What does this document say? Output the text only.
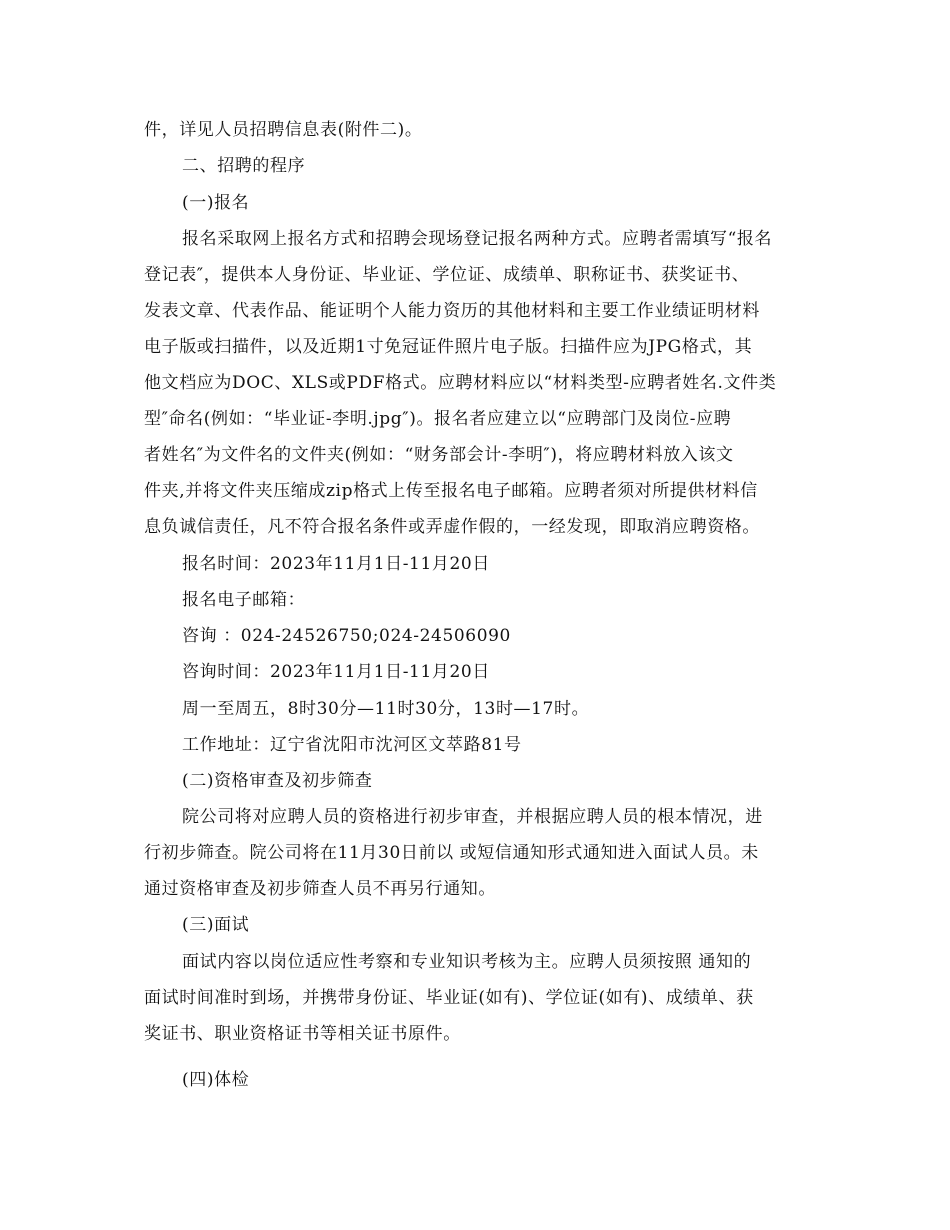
件，详见人员招聘信息表(附件二)。
二、招聘的程序
(一)报名
报名采取网上报名方式和招聘会现场登记报名两种方式。应聘者需填写“报名
登记表″，提供本人身份证、毕业证、学位证、成绩单、职称证书、获奖证书、
发表文章、代表作品、能证明个人能力资历的其他材料和主要工作业绩证明材料
电子版或扫描件，以及近期1寸免冠证件照片电子版。扫描件应为JPG格式，其
他文档应为DOC、XLS或PDF格式。应聘材料应以“材料类型-应聘者姓名.文件类
型″命名(例如：“毕业证-李明.jpg″)。报名者应建立以“应聘部门及岗位-应聘
者姓名″为文件名的文件夹(例如：“财务部会计-李明″)，将应聘材料放入该文
件夹,并将文件夹压缩成zip格式上传至报名电子邮箱。应聘者须对所提供材料信
息负诚信责任，凡不符合报名条件或弄虚作假的，一经发现，即取消应聘资格。
报名时间：2023年11月1日-11月20日
报名电子邮箱：
咨询 ：024-24526750;024-24506090
咨询时间：2023年11月1日-11月20日
周一至周五，8时30分—11时30分，13时—17时。
工作地址：辽宁省沈阳市沈河区文萃路81号
(二)资格审查及初步筛查
院公司将对应聘人员的资格进行初步审查，并根据应聘人员的根本情况，进
行初步筛查。院公司将在11月30日前以 或短信通知形式通知进入面试人员。未
通过资格审查及初步筛查人员不再另行通知。
(三)面试
面试内容以岗位适应性考察和专业知识考核为主。应聘人员须按照 通知的
面试时间准时到场，并携带身份证、毕业证(如有)、学位证(如有)、成绩单、获
奖证书、职业资格证书等相关证书原件。
(四)体检
